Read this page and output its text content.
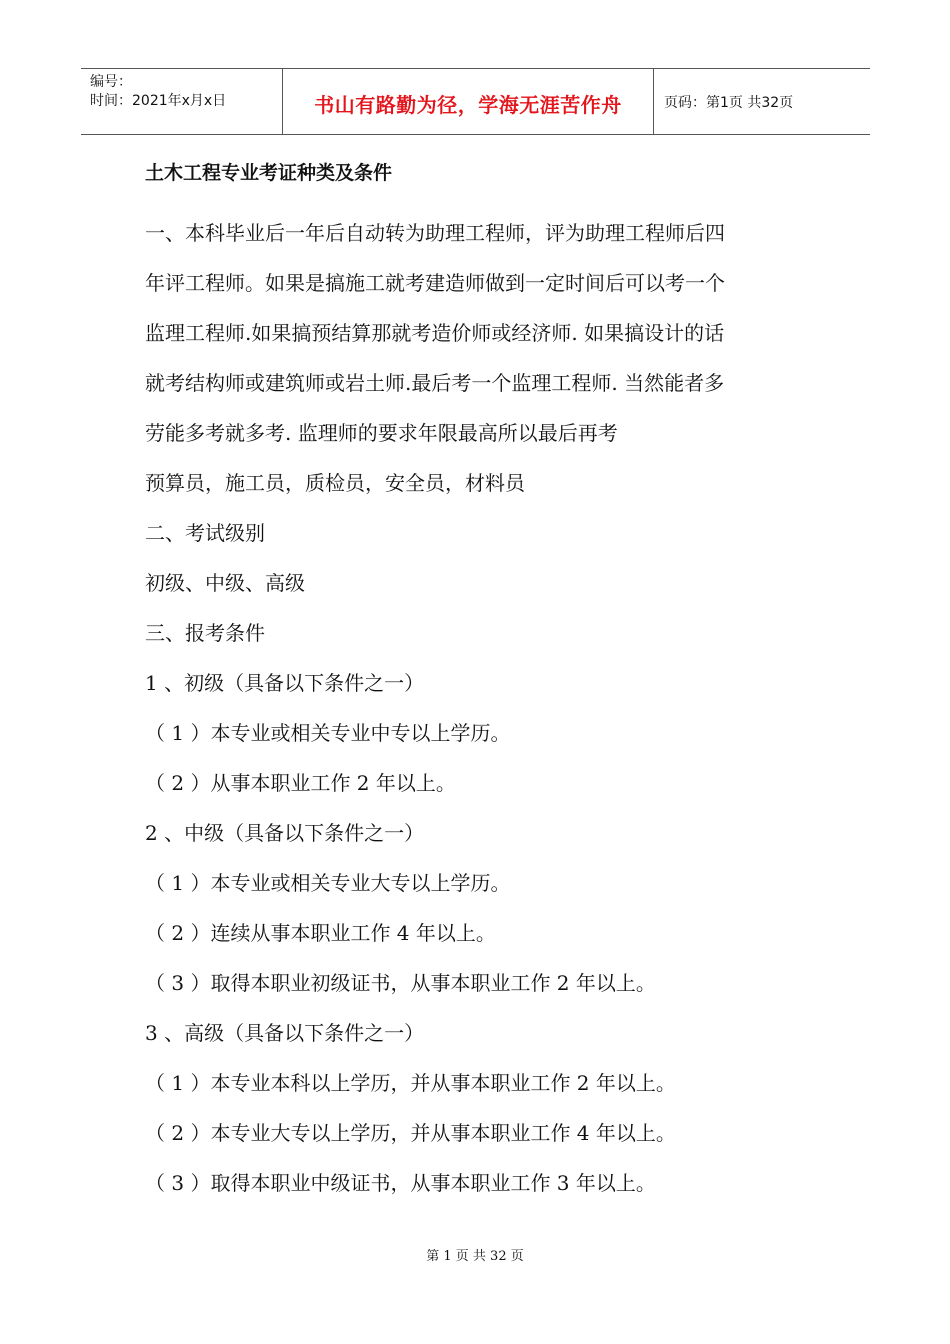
编号：
时间：2021年x月x日	书山有路勤为径，学海无涯苦作舟	页码：第1页 共32页
土木工程专业考证种类及条件

一、本科毕业后一年后自动转为助理工程师，评为助理工程师后四

年评工程师。如果是搞施工就考建造师做到一定时间后可以考一个

监理工程师.如果搞预结算那就考造价师或经济师. 如果搞设计的话

就考结构师或建筑师或岩土师.最后考一个监理工程师. 当然能者多

劳能多考就多考. 监理师的要求年限最高所以最后再考

预算员，施工员，质检员，安全员，材料员

二、考试级别

初级、中级、高级

三、报考条件

1 、初级（具备以下条件之一）

（ 1 ）本专业或相关专业中专以上学历。

（ 2 ）从事本职业工作 2 年以上。

2 、中级（具备以下条件之一）

（ 1 ）本专业或相关专业大专以上学历。

（ 2 ）连续从事本职业工作 4 年以上。

（ 3 ）取得本职业初级证书，从事本职业工作 2 年以上。

3 、高级（具备以下条件之一）

（ 1 ）本专业本科以上学历，并从事本职业工作 2 年以上。

（ 2 ）本专业大专以上学历，并从事本职业工作 4 年以上。

（ 3 ）取得本职业中级证书，从事本职业工作 3 年以上。

第 1 页 共 32 页
